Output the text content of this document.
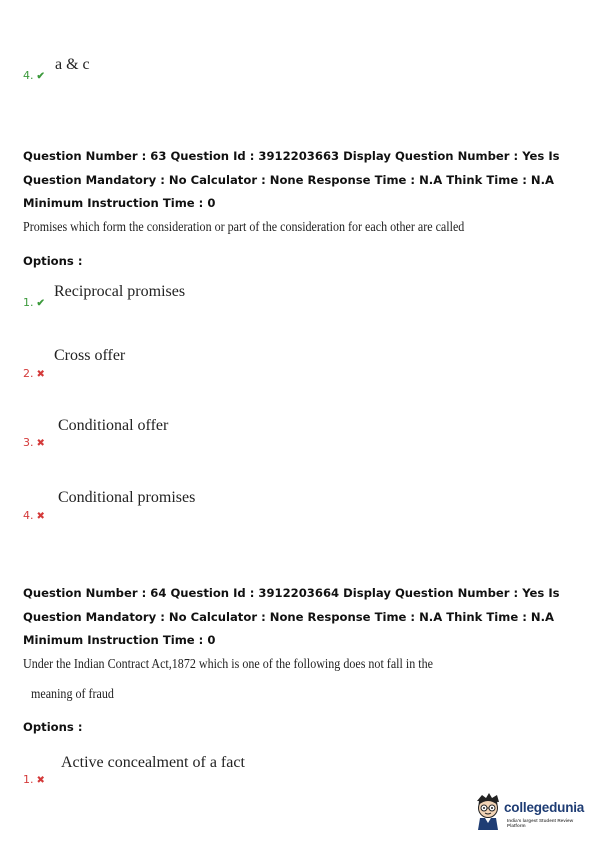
4. ✔
a & c
Question Number : 63 Question Id : 3912203663 Display Question Number : Yes Is Question Mandatory : No Calculator : None Response Time : N.A Think Time : N.A Minimum Instruction Time : 0
Promises which form the consideration or part of the consideration for each other are called
Options :
1. ✔
Reciprocal promises
2. ✖
Cross offer
3. ✖
Conditional offer
4. ✖
Conditional promises
Question Number : 64 Question Id : 3912203664 Display Question Number : Yes Is Question Mandatory : No Calculator : None Response Time : N.A Think Time : N.A Minimum Instruction Time : 0
Under the Indian Contract Act,1872 which is one of the following does not fall in the
meaning of fraud
Options :
1. ✖
Active concealment of a fact
collegedunia
India's largest Student Review Platform
